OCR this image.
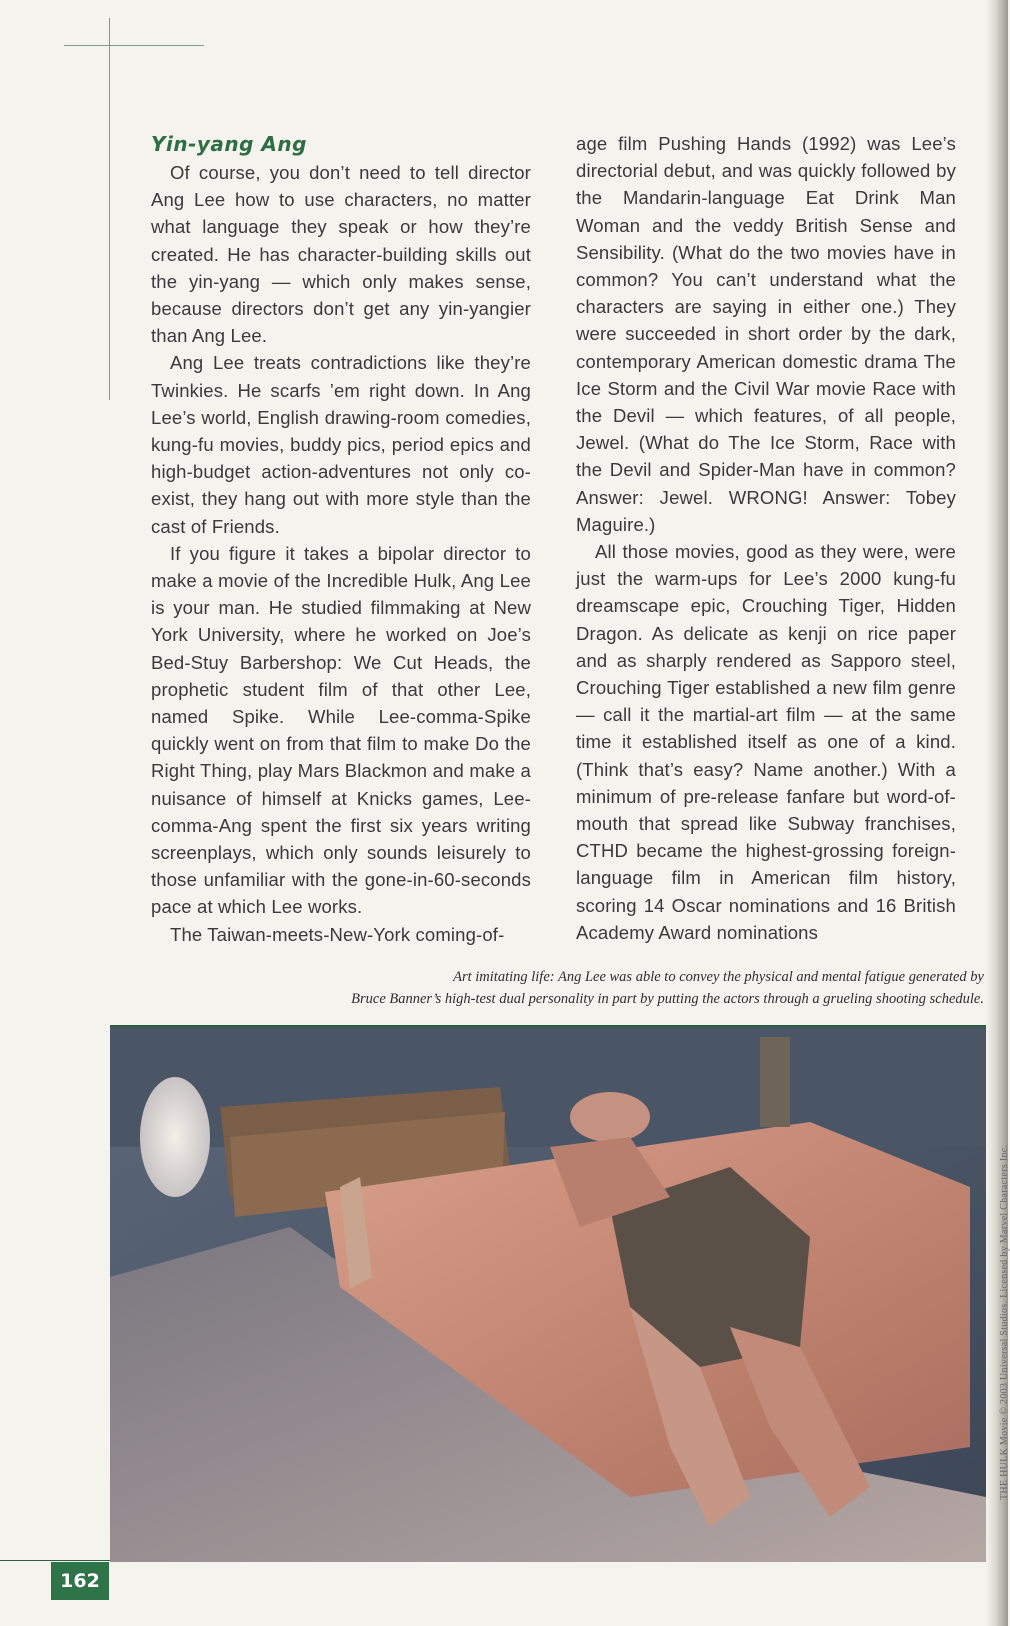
Yin-yang Ang

Of course, you don’t need to tell director Ang Lee how to use characters, no matter what language they speak or how they’re created. He has character-building skills out the yin-yang — which only makes sense, because directors don’t get any yin-yangier than Ang Lee.

Ang Lee treats contradictions like they’re Twinkies. He scarfs ’em right down. In Ang Lee’s world, English drawing-room comedies, kung-fu movies, buddy pics, period epics and high-budget action-adventures not only co-exist, they hang out with more style than the cast of Friends.

If you figure it takes a bipolar director to make a movie of the Incredible Hulk, Ang Lee is your man. He studied filmmaking at New York University, where he worked on Joe’s Bed-Stuy Barbershop: We Cut Heads, the prophetic student film of that other Lee, named Spike. While Lee-comma-Spike quickly went on from that film to make Do the Right Thing, play Mars Blackmon and make a nuisance of himself at Knicks games, Lee-comma-Ang spent the first six years writing screenplays, which only sounds leisurely to those unfamiliar with the gone-in-60-seconds pace at which Lee works.

The Taiwan-meets-New-York coming-of-

age film Pushing Hands (1992) was Lee’s directorial debut, and was quickly followed by the Mandarin-language Eat Drink Man Woman and the veddy British Sense and Sensibility. (What do the two movies have in common? You can’t understand what the characters are saying in either one.) They were succeeded in short order by the dark, contemporary American domestic drama The Ice Storm and the Civil War movie Race with the Devil — which features, of all people, Jewel. (What do The Ice Storm, Race with the Devil and Spider-Man have in common? Answer: Jewel. WRONG! Answer: Tobey Maguire.)

All those movies, good as they were, were just the warm-ups for Lee’s 2000 kung-fu dreamscape epic, Crouching Tiger, Hidden Dragon. As delicate as kenji on rice paper and as sharply rendered as Sapporo steel, Crouching Tiger established a new film genre — call it the martial-art film — at the same time it established itself as one of a kind. (Think that’s easy? Name another.) With a minimum of pre-release fanfare but word-of-mouth that spread like Subway franchises, CTHD became the highest-grossing foreign-language film in American film history, scoring 14 Oscar nominations and 16 British Academy Award nominations

Art imitating life: Ang Lee was able to convey the physical and mental fatigue generated by
Bruce Banner’s high-test dual personality in part by putting the actors through a grueling shooting schedule.
THE HULK Movie © 2003 Universal Studios. Licensed by Marvel Characters Inc.
162
